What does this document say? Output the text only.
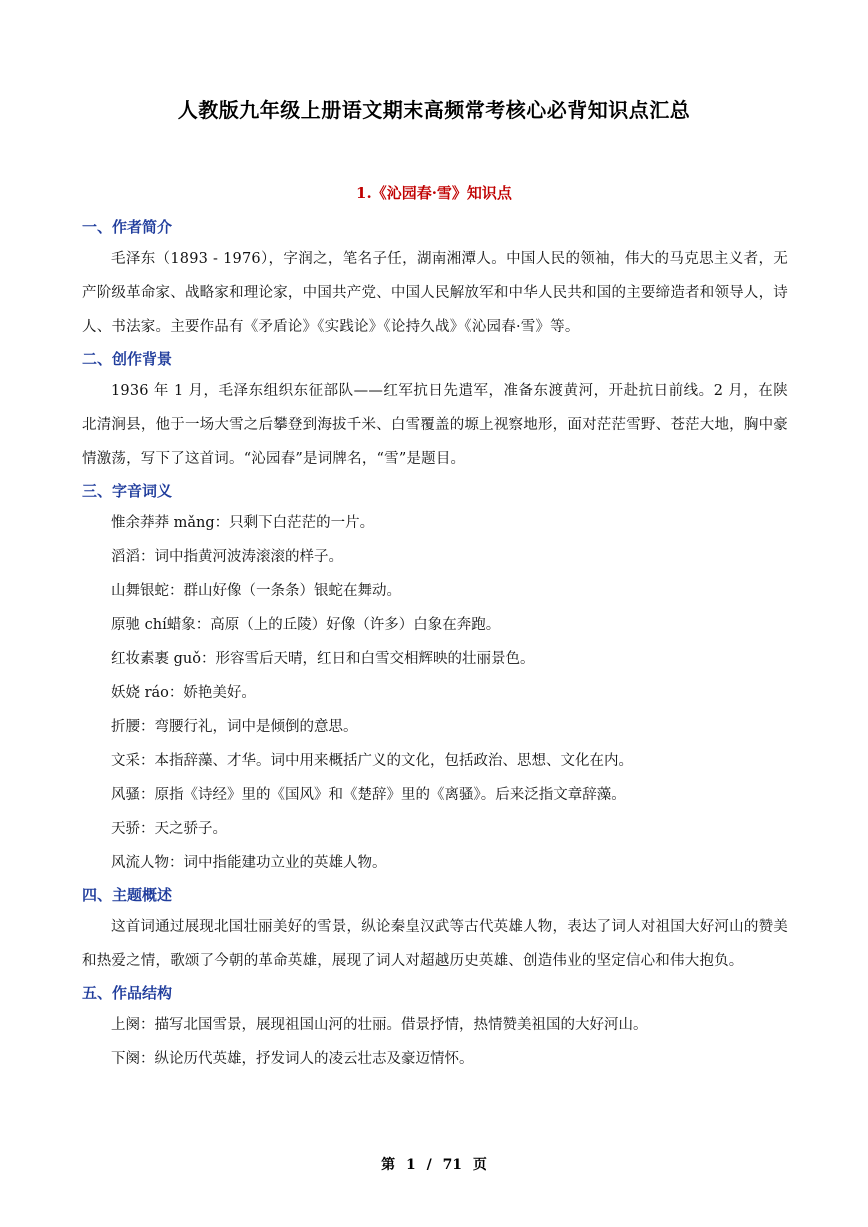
人教版九年级上册语文期末高频常考核心必背知识点汇总
1.《沁园春·雪》知识点
一、作者简介

毛泽东（1893 - 1976），字润之，笔名子任，湖南湘潭人。中国人民的领袖，伟大的马克思主义者，无产阶级革命家、战略家和理论家，中国共产党、中国人民解放军和中华人民共和国的主要缔造者和领导人，诗人、书法家。主要作品有《矛盾论》《实践论》《论持久战》《沁园春·雪》等。

二、创作背景

1936 年 1 月，毛泽东组织东征部队——红军抗日先遣军，准备东渡黄河，开赴抗日前线。2 月，在陕北清涧县，他于一场大雪之后攀登到海拔千米、白雪覆盖的塬上视察地形，面对茫茫雪野、苍茫大地，胸中豪情激荡，写下了这首词。“沁园春”是词牌名，“雪”是题目。

三、字音词义

惟余莽莽 mǎng：只剩下白茫茫的一片。

滔滔：词中指黄河波涛滚滚的样子。

山舞银蛇：群山好像（一条条）银蛇在舞动。

原驰 chí蜡象：高原（上的丘陵）好像（许多）白象在奔跑。

红妆素裹 guǒ：形容雪后天晴，红日和白雪交相辉映的壮丽景色。

妖娆 ráo：娇艳美好。

折腰：弯腰行礼，词中是倾倒的意思。

文采：本指辞藻、才华。词中用来概括广义的文化，包括政治、思想、文化在内。

风骚：原指《诗经》里的《国风》和《楚辞》里的《离骚》。后来泛指文章辞藻。

天骄：天之骄子。

风流人物：词中指能建功立业的英雄人物。

四、主题概述

这首词通过展现北国壮丽美好的雪景，纵论秦皇汉武等古代英雄人物，表达了词人对祖国大好河山的赞美和热爱之情，歌颂了今朝的革命英雄，展现了词人对超越历史英雄、创造伟业的坚定信心和伟大抱负。

五、作品结构

上阕：描写北国雪景，展现祖国山河的壮丽。借景抒情，热情赞美祖国的大好河山。

下阕：纵论历代英雄，抒发词人的凌云壮志及豪迈情怀。

第 1 / 71 页
